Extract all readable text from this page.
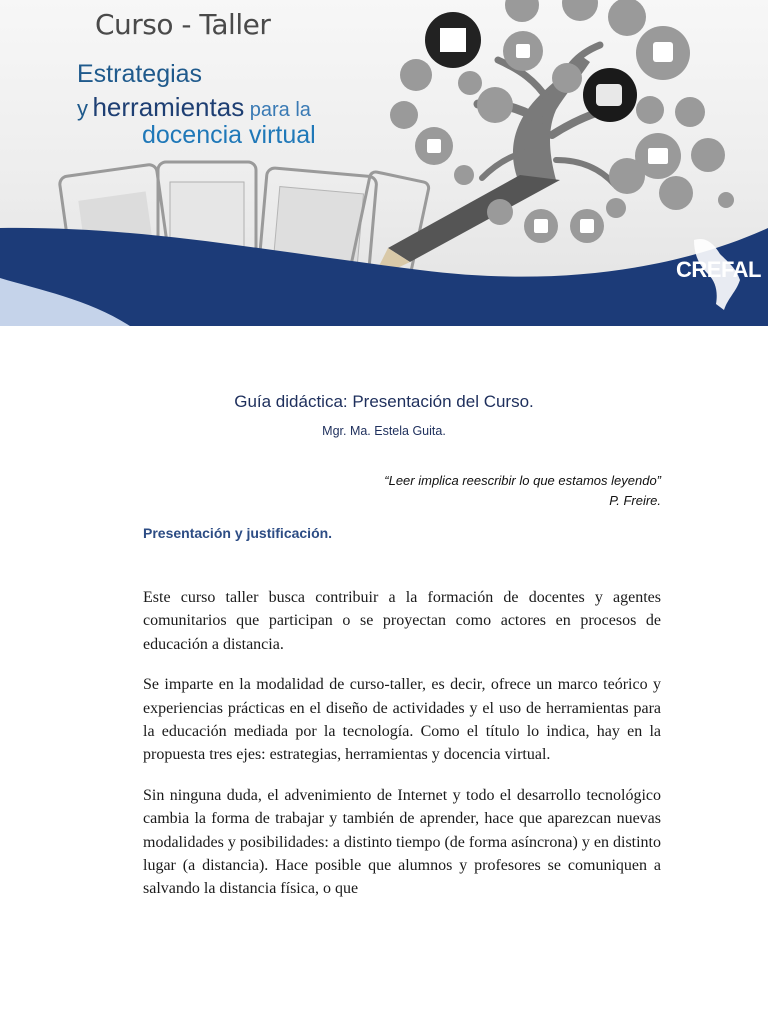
Curso - Taller
Estrategias
y herramientas para la
docencia virtual
CREFAL
Guía didáctica: Presentación del Curso.
Mgr. Ma. Estela Guita.
“Leer implica reescribir lo que estamos leyendo”
P. Freire.
Presentación y justificación.

Este curso taller busca contribuir a la formación de docentes y agentes comunitarios que participan o se proyectan como actores en procesos de educación a distancia.

Se imparte en la modalidad de curso-taller, es decir, ofrece un marco teórico y experiencias prácticas en el diseño de actividades y el uso de herramientas para la educación mediada por la tecnología. Como el título lo indica, hay en la propuesta tres ejes: estrategias, herramientas y docencia virtual.

Sin ninguna duda, el advenimiento de Internet y todo el desarrollo tecnológico cambia la forma de trabajar y también de aprender, hace que aparezcan nuevas modalidades y posibilidades: a distinto tiempo (de forma asíncrona) y en distinto lugar (a distancia). Hace posible que alumnos y profesores se comuniquen a salvando la distancia física, o que
